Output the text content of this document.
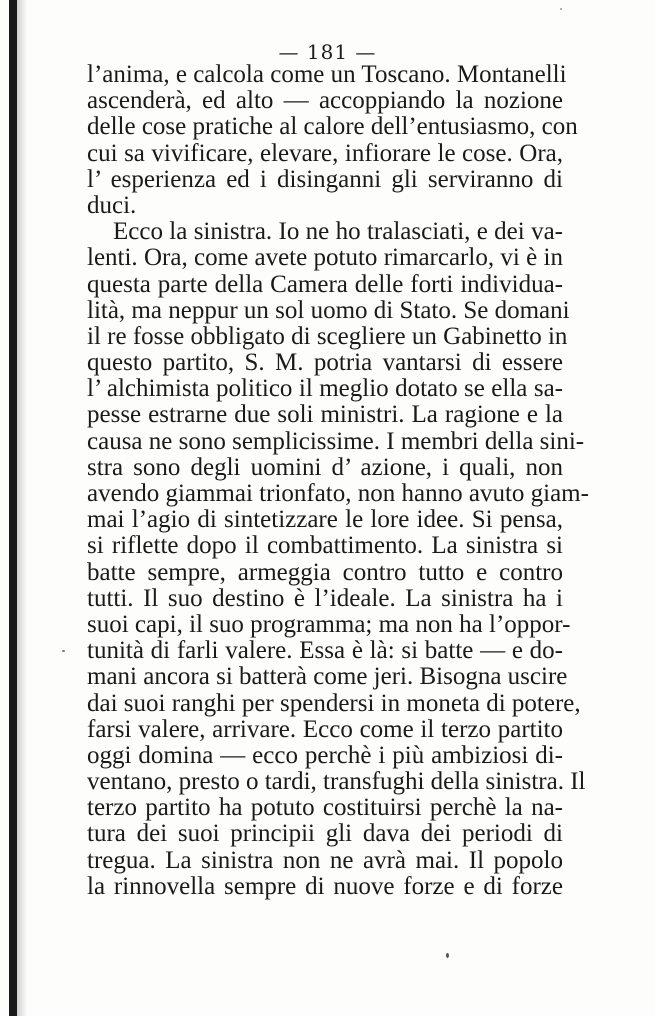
— 181 —
l’anima, e calcola come un Toscano. Montanelli
ascenderà, ed alto — accoppiando la nozione
delle cose pratiche al calore dell’entusiasmo, con
cui sa vivificare, elevare, infiorare le cose. Ora,
l’ esperienza ed i disinganni gli serviranno di
duci.
Ecco la sinistra. Io ne ho tralasciati, e dei va-
lenti. Ora, come avete potuto rimarcarlo, vi è in
questa parte della Camera delle forti individua-
lità, ma neppur un sol uomo di Stato. Se domani
il re fosse obbligato di scegliere un Gabinetto in
questo partito, S. M. potria vantarsi di essere
l’ alchimista politico il meglio dotato se ella sa-
pesse estrarne due soli ministri. La ragione e la
causa ne sono semplicissime. I membri della sini-
stra sono degli uomini d’ azione, i quali, non
avendo giammai trionfato, non hanno avuto giam-
mai l’agio di sintetizzare le lore idee. Si pensa,
si riflette dopo il combattimento. La sinistra si
batte sempre, armeggia contro tutto e contro
tutti. Il suo destino è l’ideale. La sinistra ha i
suoi capi, il suo programma; ma non ha l’oppor-
tunità di farli valere. Essa è là: si batte — e do-
mani ancora si batterà come jeri. Bisogna uscire
dai suoi ranghi per spendersi in moneta di potere,
farsi valere, arrivare. Ecco come il terzo partito
oggi domina — ecco perchè i più ambiziosi di-
ventano, presto o tardi, transfughi della sinistra. Il
terzo partito ha potuto costituirsi perchè la na-
tura dei suoi principii gli dava dei periodi di
tregua. La sinistra non ne avrà mai. Il popolo
la rinnovella sempre di nuove forze e di forze
